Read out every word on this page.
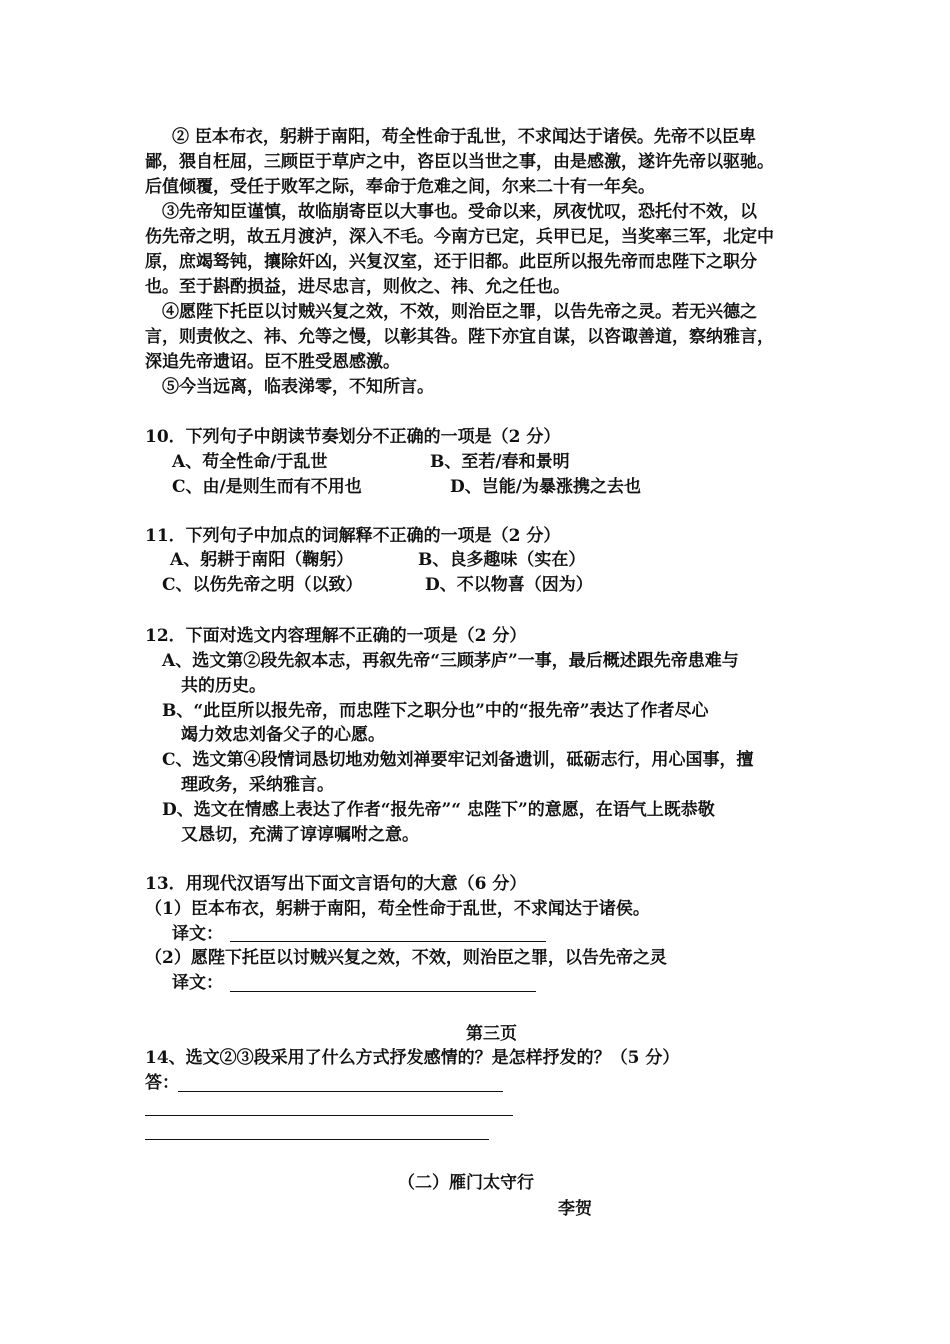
② 臣本布衣，躬耕于南阳，苟全性命于乱世，不求闻达于诸侯。先帝不以臣卑
鄙，猥自枉屈，三顾臣于草庐之中，咨臣以当世之事，由是感激，遂许先帝以驱驰。
后值倾覆，受任于败军之际，奉命于危难之间，尔来二十有一年矣。
③先帝知臣谨慎，故临崩寄臣以大事也。受命以来，夙夜忧叹，恐托付不效，以
伤先帝之明，故五月渡泸，深入不毛。今南方已定，兵甲已足，当奖率三军，北定中
原，庶竭驽钝，攘除奸凶，兴复汉室，还于旧都。此臣所以报先帝而忠陛下之职分
也。至于斟酌损益，进尽忠言，则攸之、祎、允之任也。
④愿陛下托臣以讨贼兴复之效，不效，则治臣之罪，以告先帝之灵。若无兴德之
言，则责攸之、祎、允等之慢，以彰其咎。陛下亦宜自谋，以咨诹善道，察纳雅言，
深追先帝遗诏。臣不胜受恩感激。
⑤今当远离，临表涕零，不知所言。
10．下列句子中朗读节奏划分不正确的一项是（2 分）
A、苟全性命/于乱世	B、至若/春和景明
C、由/是则生而有不用也	D、岂能/为暴涨携之去也
11．下列句子中加点的词解释不正确的一项是（2 分）
A、躬耕于南阳（鞠躬）	B、良多趣味（实在）
C、以伤先帝之明（以致）	D、不以物喜（因为）
12．下面对选文内容理解不正确的一项是（2 分）
A、选文第②段先叙本志，再叙先帝“三顾茅庐”一事，最后概述跟先帝患难与
共的历史。
B、“此臣所以报先帝，而忠陛下之职分也”中的“报先帝”表达了作者尽心
竭力效忠刘备父子的心愿。
C、选文第④段情词恳切地劝勉刘禅要牢记刘备遗训，砥砺志行，用心国事，擅
理政务，采纳雅言。
D、选文在情感上表达了作者“报先帝”“ 忠陛下”的意愿，在语气上既恭敬
又恳切，充满了谆谆嘱咐之意。
13．用现代汉语写出下面文言语句的大意（6 分）
（1）臣本布衣，躬耕于南阳，苟全性命于乱世，不求闻达于诸侯。
译文：
（2）愿陛下托臣以讨贼兴复之效，不效，则治臣之罪，以告先帝之灵
译文：
第三页
14、选文②③段采用了什么方式抒发感情的？是怎样抒发的？（5 分）
答：
（二）雁门太守行
李贺
